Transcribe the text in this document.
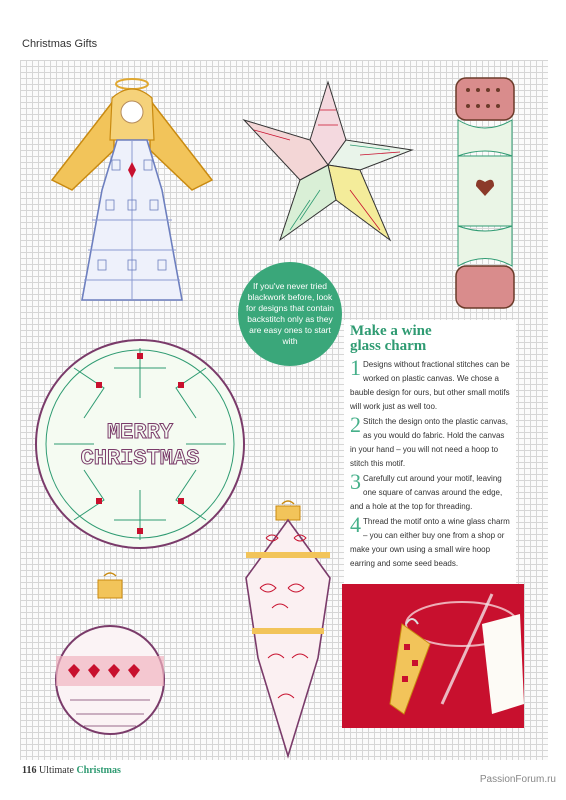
Christmas Gifts
If you've never tried blackwork before, look for designs that contain backstitch only as they are easy ones to start with
MERRY
CHRISTMAS
Make a wine glass charm
1 Designs without fractional stitches can be worked on plastic canvas. We chose a bauble design for ours, but other small motifs will work just as well too.
2 Stitch the design onto the plastic canvas, as you would do fabric. Hold the canvas in your hand – you will not need a hoop to stitch this motif.
3 Carefully cut around your motif, leaving one square of canvas around the edge, and a hole at the top for threading.
4 Thread the motif onto a wine glass charm – you can either buy one from a shop or make your own using a small wire hoop earring and some seed beads.
116 Ultimate Christmas
PassionForum.ru
